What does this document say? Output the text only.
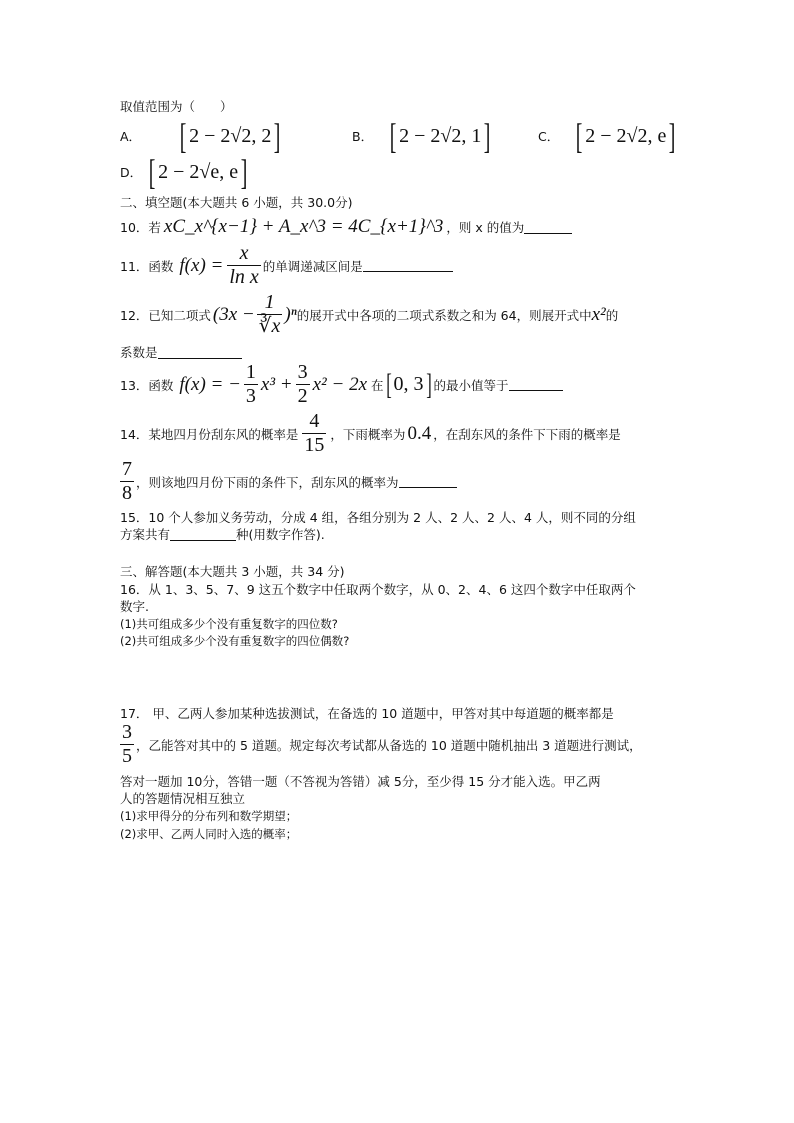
取值范围为（　　）
A． [ 2 − 2√2, 2 ]	B． [ 2 − 2√2, 1 ]	C． [ 2 − 2√2, e ]
D． [ 2 − 2√e, e ]
二、填空题(本大题共 6 小题，共 30.0分)
10．若 xC_x^{x−1} + A_x^3 = 4C_{x+1}^3 ，则 x 的值为
11．函数 $f(x) = \frac{x}{\text{ln x}}$ 的单调递减区间是
12．已知二项式 $(3x - \frac{1}{∛x} )^n$ 的展开式中各项的二项式系数之和为 64，则展开式中 x² 的
系数是
13．函数 f(x) = − $\frac{1}{3} x^3 + \frac{3}{2} x^2 - 2x$ 在 [ 0, 3 ] 的最小值等于
14．某地四月份刮东风的概率是 $\frac{4}{15}$ ，下雨概率为 0.4 ，在刮东风的条件下下雨的概率是
$\frac{7}{8}$ ，则该地四月份下雨的条件下，刮东风的概率为
15．10 个人参加义务劳动，分成 4 组，各组分别为 2 人、2 人、2 人、4 人，则不同的分组
方案共有	种(用数字作答).
三、解答题(本大题共 3 小题，共 34 分)
16．从 1、3、5、7、9 这五个数字中任取两个数字，从 0、2、4、6 这四个数字中任取两个
数字.
(1)共可组成多少个没有重复数字的四位数?
(2)共可组成多少个没有重复数字的四位偶数?
17． 甲、乙两人参加某种选拔测试，在备选的 10 道题中，甲答对其中每道题的概率都是
$\frac{3}{5}$ ，乙能答对其中的 5 道题。规定每次考试都从备选的 10 道题中随机抽出 3 道题进行测试，
答对一题加 10分，答错一题（不答视为答错）减 5分，至少得 15 分才能入选。甲乙两
人的答题情况相互独立
(1)求甲得分的分布列和数学期望；
(2)求甲、乙两人同时入选的概率；
